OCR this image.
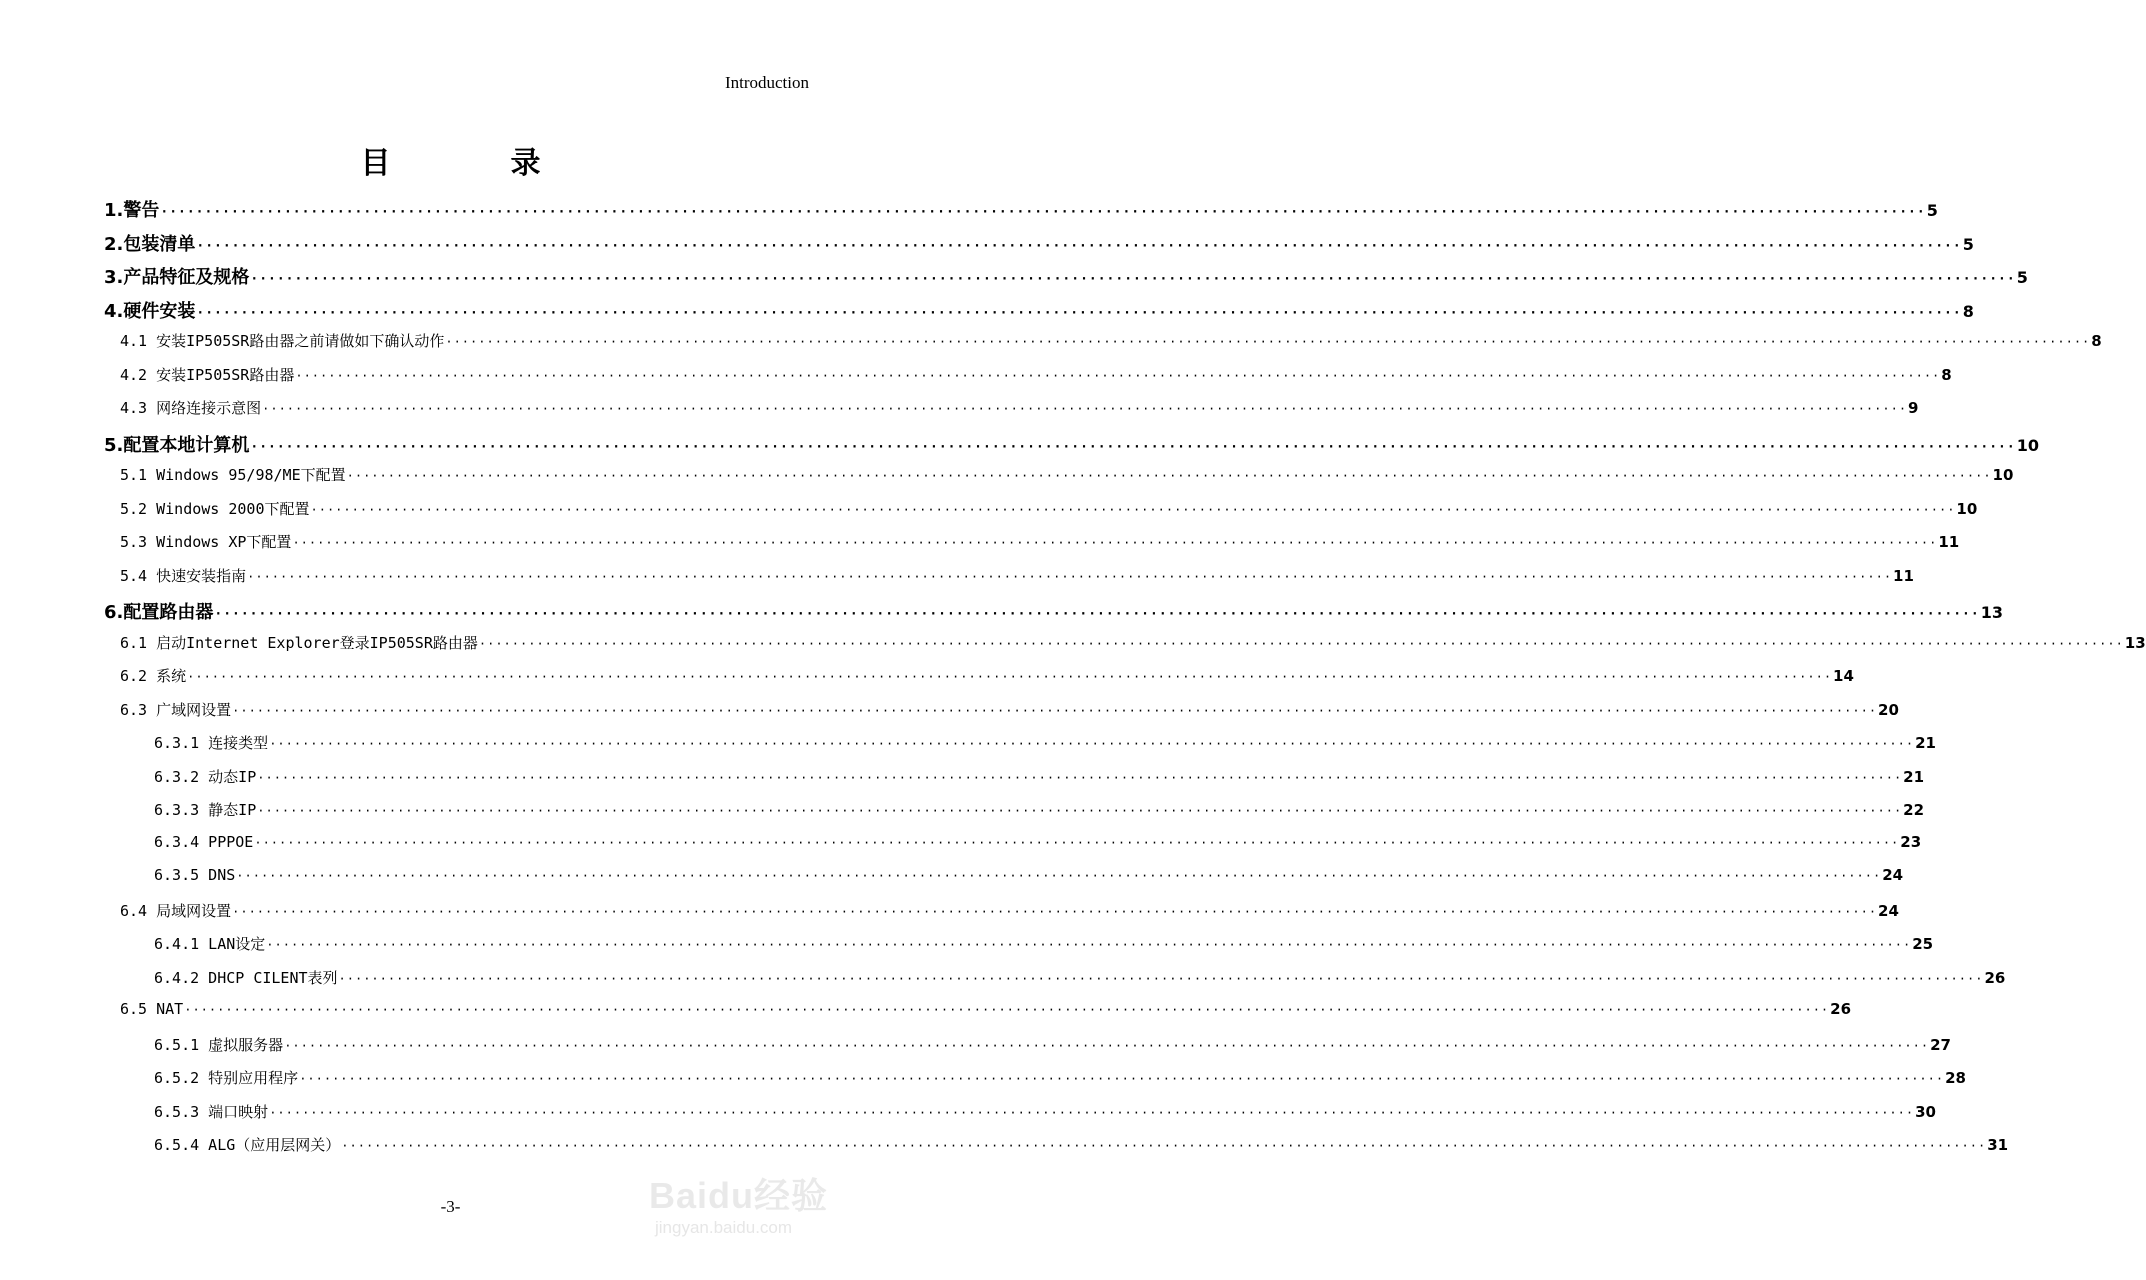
Introduction
目	录
1.警告 ········································································································································································································ 5
2.包装清单 ········································································································································································································ 5
3.产品特征及规格 ········································································································································································································ 5
4.硬件安装 ········································································································································································································ 8
4.1 安装IP505SR路由器之前请做如下确认动作 ········································································································································································································ 8
4.2 安装IP505SR路由器 ········································································································································································································ 8
4.3 网络连接示意图 ········································································································································································································ 9
5.配置本地计算机 ········································································································································································································ 10
5.1 Windows 95/98/ME下配置 ········································································································································································································ 10
5.2 Windows 2000下配置 ········································································································································································································ 10
5.3 Windows XP下配置 ········································································································································································································ 11
5.4 快速安装指南 ········································································································································································································ 11
6.配置路由器 ········································································································································································································ 13
6.1 启动Internet Explorer登录IP505SR路由器 ········································································································································································································ 13
6.2 系统 ········································································································································································································ 14
6.3 广域网设置 ········································································································································································································ 20
6.3.1 连接类型 ········································································································································································································ 21
6.3.2 动态IP ········································································································································································································ 21
6.3.3 静态IP ········································································································································································································ 22
6.3.4 PPPOE ········································································································································································································ 23
6.3.5 DNS ········································································································································································································ 24
6.4 局域网设置 ········································································································································································································ 24
6.4.1 LAN设定 ········································································································································································································ 25
6.4.2 DHCP CILENT表列 ········································································································································································································ 26
6.5 NAT ········································································································································································································ 26
6.5.1 虚拟服务器 ········································································································································································································ 27
6.5.2 特别应用程序 ········································································································································································································ 28
6.5.3 端口映射 ········································································································································································································ 30
6.5.4 ALG（应用层网关） ········································································································································································································ 31
-3-	Baidu经验
jingyan.baidu.com
